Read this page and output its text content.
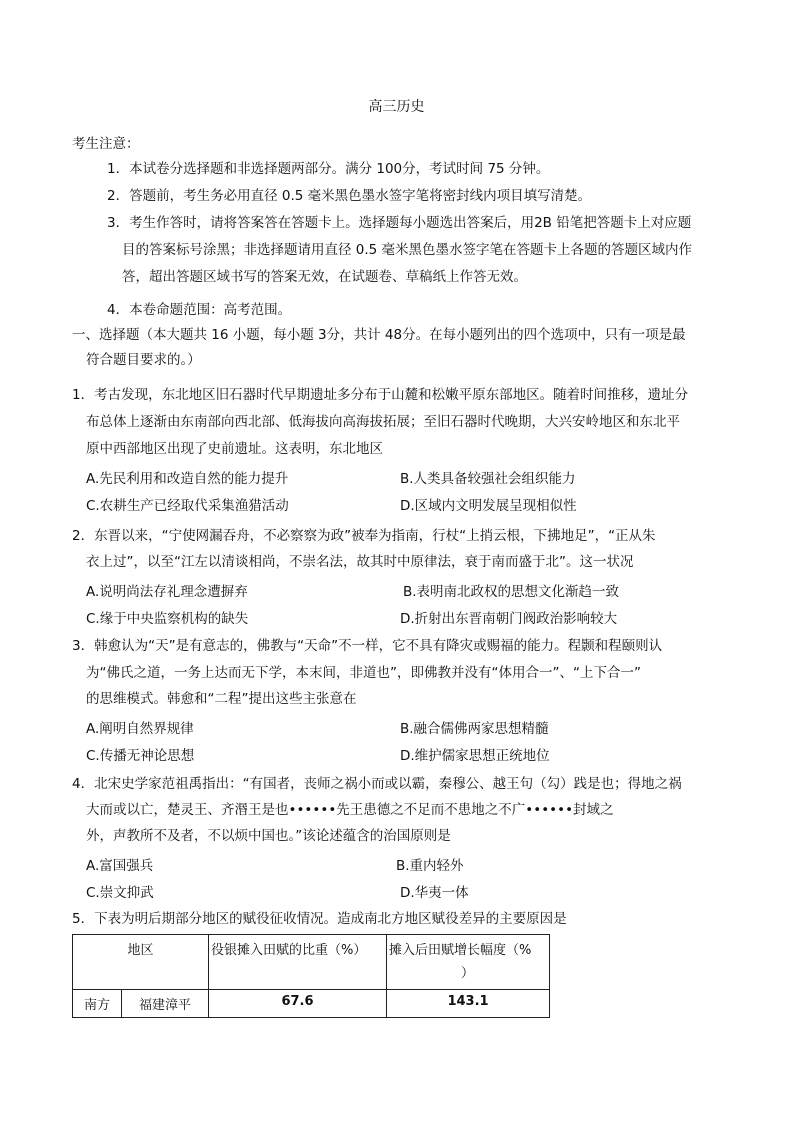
高三历史
考生注意：
1．本试卷分选择题和非选择题两部分。满分 100分，考试时间 75 分钟。
2．答题前，考生务必用直径 0.5 毫米黑色墨水签字笔将密封线内项目填写清楚。
3．考生作答时，请将答案答在答题卡上。选择题每小题选出答案后，用2B 铅笔把答题卡上对应题
目的答案标号涂黑；非选择题请用直径 0.5 毫米黑色墨水签字笔在答题卡上各题的答题区域内作
答，超出答题区域书写的答案无效，在试题卷、草稿纸上作答无效。
4．本卷命题范围：高考范围。
一、选择题（本大题共 16 小题，每小题 3分，共计 48分。在每小题列出的四个选项中，只有一项是最
符合题目要求的。）
1．考古发现，东北地区旧石器时代早期遗址多分布于山麓和松嫩平原东部地区。随着时间推移，遗址分
布总体上逐渐由东南部向西北部、低海拔向高海拔拓展；至旧石器时代晚期，大兴安岭地区和东北平
原中西部地区出现了史前遗址。这表明，东北地区
A.先民利用和改造自然的能力提升	B.人类具备较强社会组织能力
C.农耕生产已经取代采集渔猎活动	D.区域内文明发展呈现相似性
2．东晋以来，“宁使网漏吞舟，不必察察为政”被奉为指南，行杖“上捎云根，下拂地足”，“正从朱
衣上过”，以至“江左以清谈相尚，不崇名法，故其时中原律法，衰于南而盛于北”。这一状况
A.说明尚法存礼理念遭摒弃	B.表明南北政权的思想文化渐趋一致
C.缘于中央监察机构的缺失	D.折射出东晋南朝门阀政治影响较大
3．韩愈认为“天”是有意志的，佛教与“天命”不一样，它不具有降灾或赐福的能力。程颢和程颐则认
为“佛氏之道，一务上达而无下学，本末间，非道也”，即佛教并没有“体用合一”、“上下合一”
的思维模式。韩愈和“二程”提出这些主张意在
A.阐明自然界规律	B.融合儒佛两家思想精髓
C.传播无神论思想	D.维护儒家思想正统地位
4．北宋史学家范祖禹指出：“有国者，丧师之祸小而或以霸，秦穆公、越王句（勾）践是也；得地之祸
大而或以亡，楚灵王、齐湣王是也••••••先王患德之不足而不患地之不广••••••封域之
外，声教所不及者，不以烦中国也。”该论述蕴含的治国原则是
A.富国强兵	B.重内轻外
C.崇文抑武	D.华夷一体
5．下表为明后期部分地区的赋役征收情况。造成南北方地区赋役差异的主要原因是
地区		役银摊入田赋的比重（%）	摊入后田赋增长幅度（%
）

南方	福建漳平	67.6	143.1
